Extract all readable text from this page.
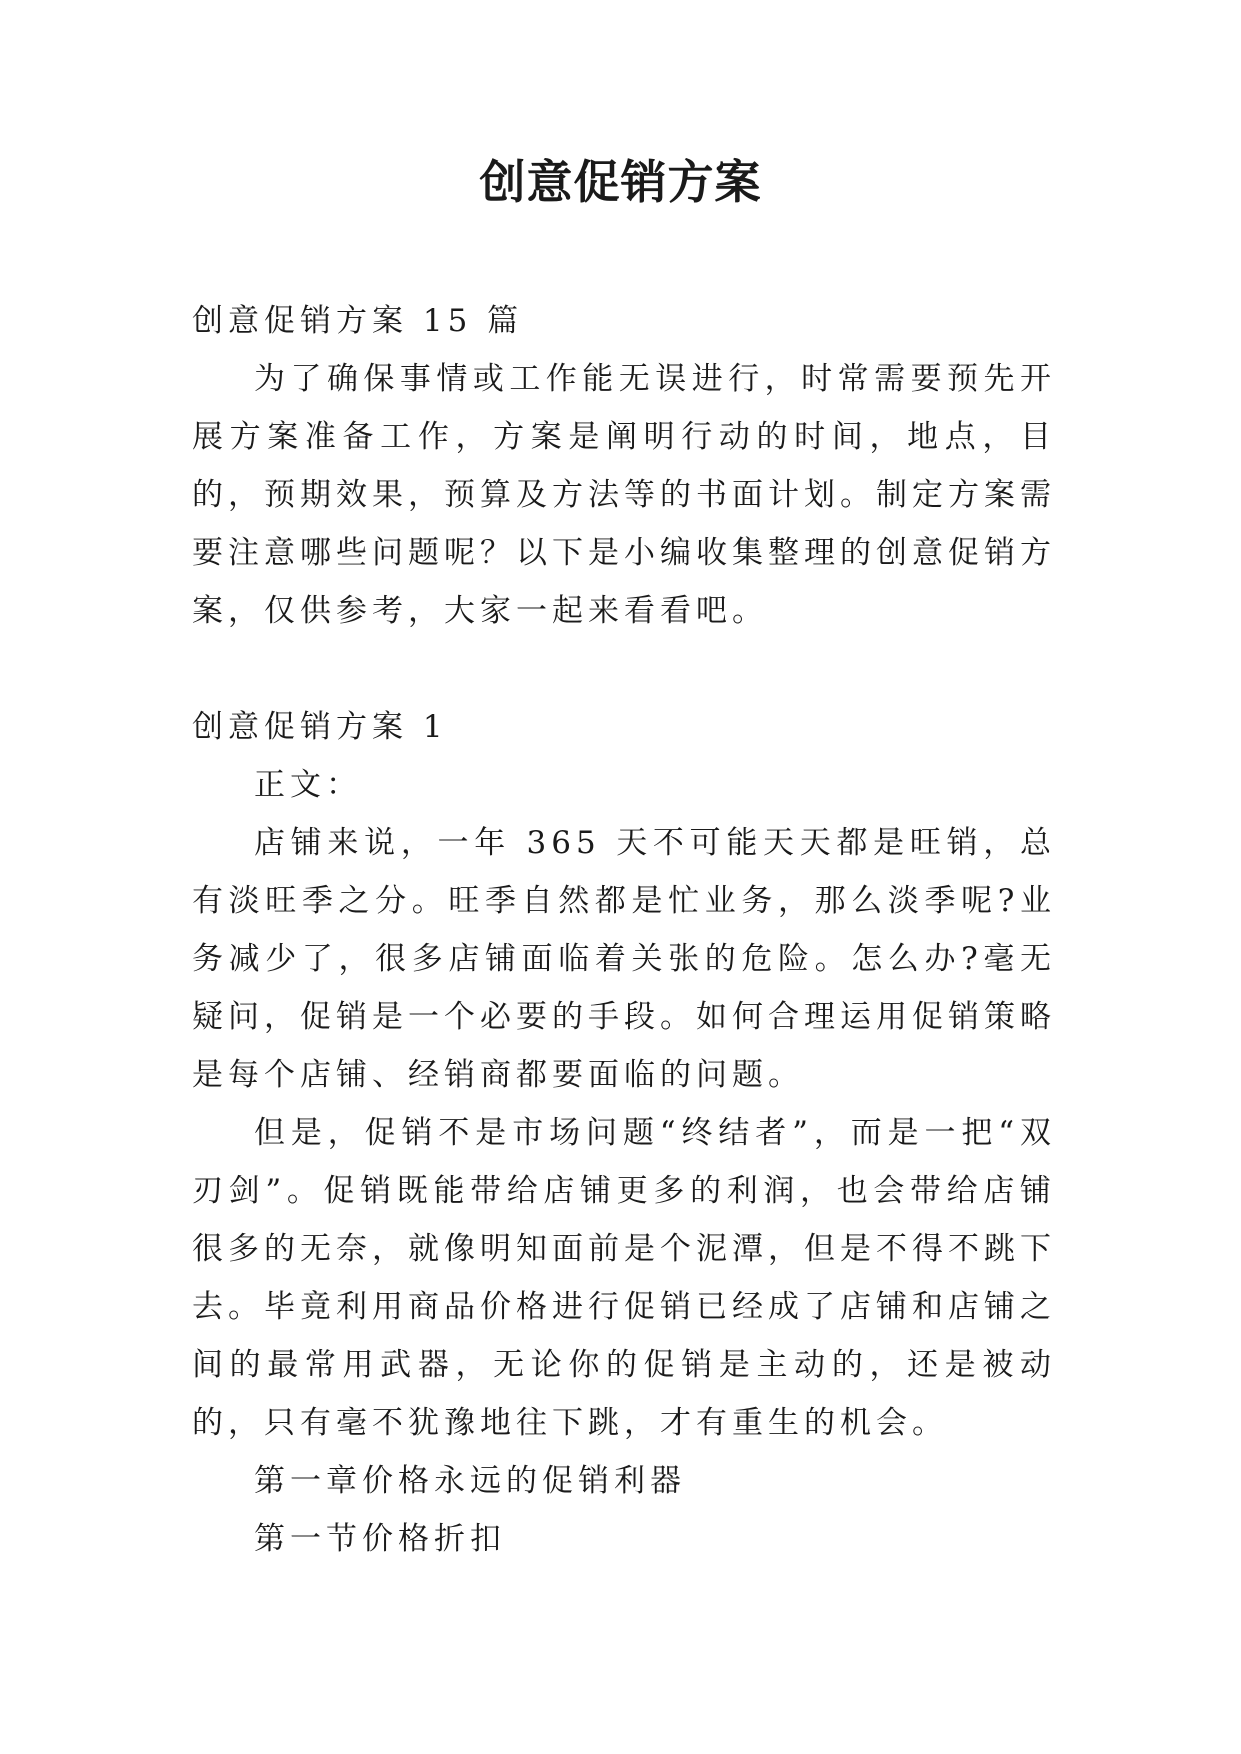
创意促销方案

创意促销方案 15 篇

为了确保事情或工作能无误进行，时常需要预先开展方案准备工作，方案是阐明行动的时间，地点，目的，预期效果，预算及方法等的书面计划。制定方案需要注意哪些问题呢？以下是小编收集整理的创意促销方案，仅供参考，大家一起来看看吧。

创意促销方案 1

正文：

店铺来说，一年 365 天不可能天天都是旺销，总有淡旺季之分。旺季自然都是忙业务，那么淡季呢?业务减少了，很多店铺面临着关张的危险。怎么办?毫无疑问，促销是一个必要的手段。如何合理运用促销策略是每个店铺、经销商都要面临的问题。

但是，促销不是市场问题“终结者”，而是一把“双刃剑”。促销既能带给店铺更多的利润，也会带给店铺很多的无奈，就像明知面前是个泥潭，但是不得不跳下去。毕竟利用商品价格进行促销已经成了店铺和店铺之间的最常用武器，无论你的促销是主动的，还是被动的，只有毫不犹豫地往下跳，才有重生的机会。

第一章价格永远的促销利器

第一节价格折扣
